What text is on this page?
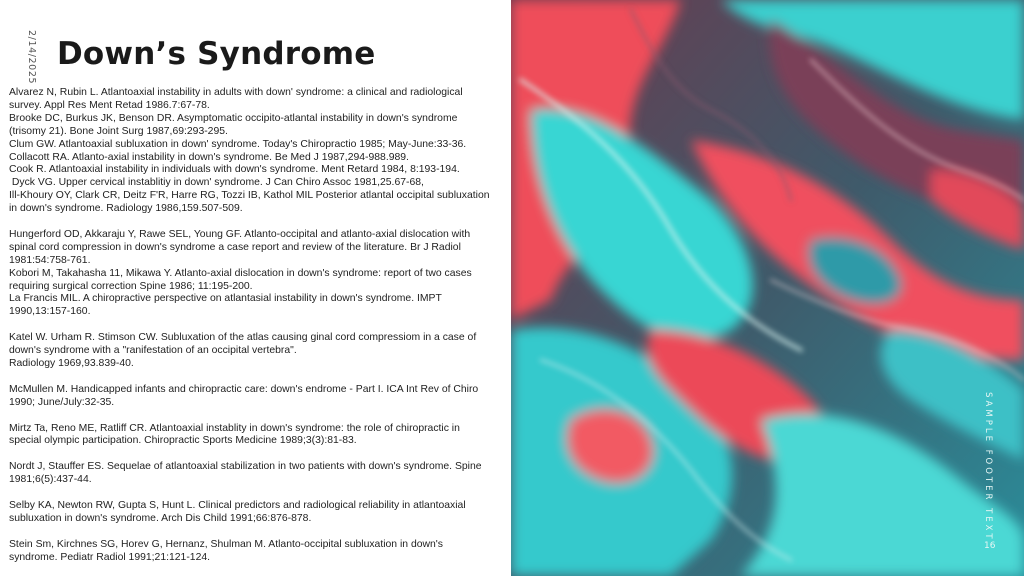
2/14/2025 Down’s Syndrome
Alvarez N, Rubin L. Atlantoaxial instability in adults with down' syndrome: a clinical and radiological
survey. Appl Res Ment Retad 1986.7:67-78.
Brooke DC, Burkus JK, Benson DR. Asymptomatic occipito-atlantal instability in down's syndrome
(trisomy 21). Bone Joint Surg 1987,69:293-295.
Clum GW. Atlantoaxial subluxation in down' syndrome. Today's Chiropractio 1985; May-June:33-36.
Collacott RA. Atlanto-axial instability in down's syndrome. Be Med J 1987,294-988.989.
Cook R. Atlantoaxial instability in individuals with down's syndrome. Ment Retard 1984, 8:193-194.
Dyck VG. Upper cervical instablitiy in down' syndrome. J Can Chiro Assoc 1981,25.67-68,
Ill-Khoury OY, Clark CR, Deitz F'R, Harre RG, Tozzi IB, Kathol MIL Posterior atlantal occipital subluxation
in down's syndrome. Radiology 1986,159.507-509.
Hungerford OD, Akkaraju Y, Rawe SEL, Young GF. Atlanto-occipital and atlanto-axial dislocation with
spinal cord compression in down's syndrome a case report and review of the literature. Br J Radiol
1981:54:758-761.
Kobori M, Takahasha 11, Mikawa Y. Atlanto-axial dislocation in down's syndrome: report of two cases
requiring surgical correction Spine 1986; 11:195-200.
La Francis MIL. A chiropractive perspective on atlantasial instability in down's syndrome. IMPT
1990,13:157-160.
Katel W. Urham R. Stimson CW. Subluxation of the atlas causing ginal cord compressiom in a case of
down's syndrome with a "ranifestation of an occipital vertebra".
Radiology 1969,93.839-40.
McMullen M. Handicapped infants and chiropractic care: down's endrome - Part I. ICA Int Rev of Chiro
1990; June/July:32-35.
Mirtz Ta, Reno ME, Ratliff CR. Atlantoaxial instablity in down's syndrome: the role of chiropractic in
special olympic participation. Chiropractic Sports Medicine 1989;3(3):81-83.
Nordt J, Stauffer ES. Sequelae of atlantoaxial stabilization in two patients with down's syndrome. Spine
1981;6(5):437-44.
Selby KA, Newton RW, Gupta S, Hunt L. Clinical predictors and radiological reliability in atlantoaxial
subluxation in down's syndrome. Arch Dis Child 1991;66:876-878.
Stein Sm, Kirchnes SG, Horev G, Hernanz, Shulman M. Atlanto-occipital subluxation in down's
syndrome. Pediatr Radiol 1991;21:121-124.
SAMPLE FOOTER TEXT
16
